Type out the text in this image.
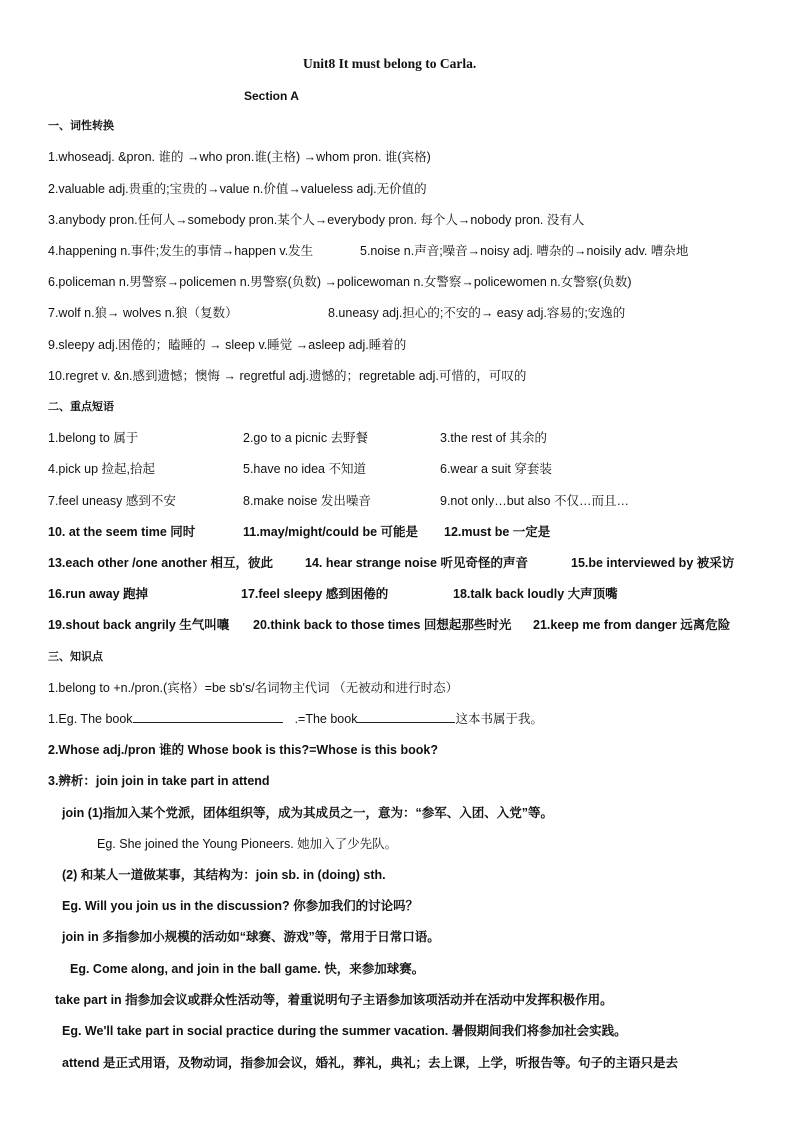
Unit8 It must belong to Carla.
Section A
一、词性转换
1.whoseadj. &pron. 谁的 →who pron.谁(主格) →whom pron. 谁(宾格)
2.valuable adj.贵重的;宝贵的→value n.价值→valueless adj.无价值的
3.anybody pron.任何人→somebody pron.某个人→everybody pron. 每个人→nobody pron. 没有人
4.happening n.事件;发生的事情→happen v.发生	5.noise n.声音;噪音→noisy adj. 嘈杂的→noisily adv. 嘈杂地
6.policeman n.男警察→policemen n.男警察(负数) →policewoman n.女警察→policewomen n.女警察(负数)
7.wolf n.狼→ wolves n.狼（复数）	8.uneasy adj.担心的;不安的→ easy adj.容易的;安逸的
9.sleepy adj.困倦的；瞌睡的 → sleep v.睡觉 →asleep adj.睡着的
10.regret v. &n.感到遗憾；懊悔 → regretful adj.遗憾的；regretable adj.可惜的，可叹的
二、重点短语
1.belong to 属于	2.go to a picnic 去野餐	3.the rest of 其余的
4.pick up 捡起,拾起	5.have no idea 不知道	6.wear a suit 穿套装
7.feel uneasy 感到不安	8.make noise 发出噪音	9.not only…but also 不仅…而且…
10. at the seem time 同时	11.may/might/could be 可能是 12.must be 一定是
13.each other /one another 相互，彼此	14. hear strange noise 听见奇怪的声音	15.be interviewed by 被采访
16.run away 跑掉	17.feel sleepy 感到困倦的	18.talk back loudly 大声顶嘴
19.shout back angrily 生气叫嚷 20.think back to those times 回想起那些时光 21.keep me from danger 远离危险
三、知识点
1.belong to +n./pron.(宾格）=be sb's/名词物主代词 （无被动和进行时态）
1.Eg. The book	.=The book	这本书属于我。
2.Whose adj./pron 谁的 Whose book is this?=Whose is this book?
3.辨析：join join in take part in attend
join (1)指加入某个党派，团体组织等，成为其成员之一，意为：“参军、入团、入党”等。
Eg. She joined the Young Pioneers. 她加入了少先队。
(2) 和某人一道做某事，其结构为：join sb. in (doing) sth.
Eg. Will you join us in the discussion? 你参加我们的讨论吗？
join in 多指参加小规模的活动如“球赛、游戏”等，常用于日常口语。
Eg. Come along, and join in the ball game. 快，来参加球赛。
take part in 指参加会议或群众性活动等，着重说明句子主语参加该项活动并在活动中发挥积极作用。
Eg. We'll take part in social practice during the summer vacation. 暑假期间我们将参加社会实践。
attend 是正式用语，及物动词，指参加会议，婚礼，葬礼，典礼；去上课，上学，听报告等。句子的主语只是去
